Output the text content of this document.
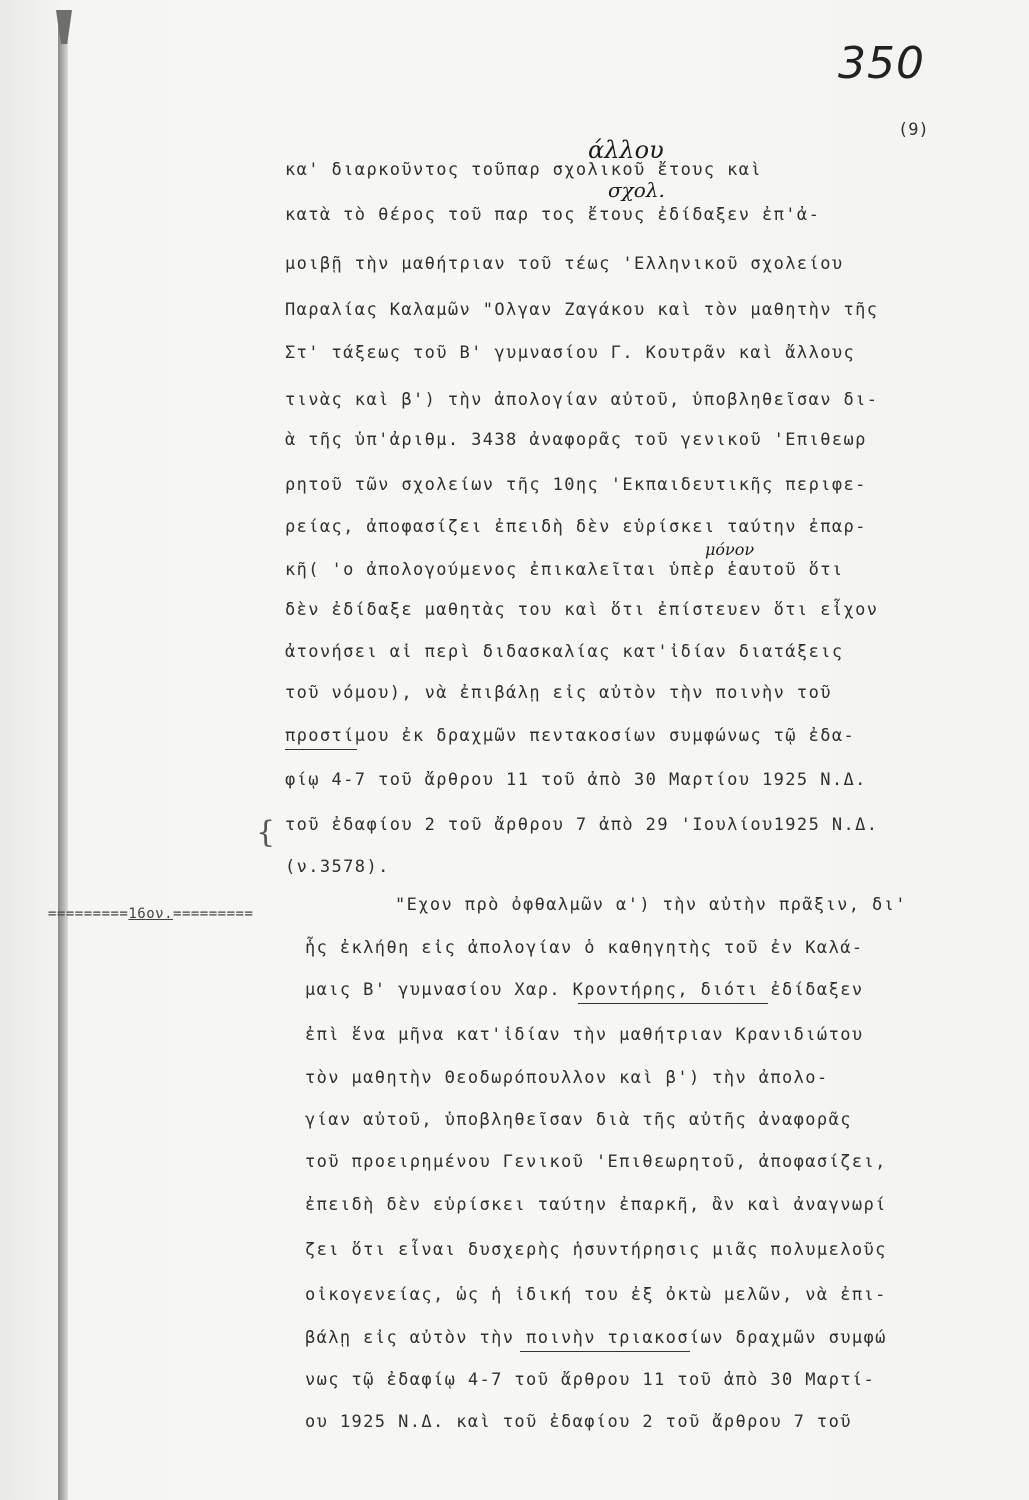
350
(9)
=========16ον.=========
{
κα' διαρκοῦντος τοῦπαρ σχολικοῦ ἔτους καὶ
κατὰ τὸ θέρος τοῦ παρ τος ἔτους ἐδίδαξεν ἐπ'ἀ-
μοιβῇ τὴν μαθήτριαν τοῦ τέως 'Ελληνικοῦ σχολείου
Παραλίας Καλαμῶν "Ολγαν Ζαγάκου καὶ τὸν μαθητὴν τῆς
Στ' τάξεως τοῦ Β' γυμνασίου Γ. Κουτρᾶν καὶ ἄλλους
τινὰς καὶ β') τὴν ἀπολογίαν αὐτοῦ, ὑποβληθεῖσαν δι-
ὰ τῆς ὑπ'ἀριθμ. 3438 ἀναφορᾶς τοῦ γενικοῦ 'Επιθεωρ
ρητοῦ τῶν σχολείων τῆς 10ης 'Εκπαιδευτικῆς περιφε-
ρείας, ἀποφασίζει ἐπειδὴ δὲν εὑρίσκει ταύτην ἐπαρ-
κῆ( 'ο ἀπολογούμενος ἐπικαλεῖται ὑπὲρ ἑαυτοῦ ὅτι
δὲν ἐδίδαξε μαθητὰς του καὶ ὅτι ἐπίστευεν ὅτι εἶχον
ἀτονήσει αἱ περὶ διδασκαλίας κατ'ἰδίαν διατάξεις
τοῦ νόμου), νὰ ἐπιβάλῃ εἰς αὐτὸν τὴν ποινὴν τοῦ
προστίμου ἐκ δραχμῶν πεντακοσίων συμφώνως τῷ ἐδα-
φίῳ 4-7 τοῦ ἄρθρου 11 τοῦ ἀπὸ 30 Μαρτίου 1925 Ν.Δ.
τοῦ ἐδαφίου 2 τοῦ ἄρθρου 7 ἀπὸ 29 'Ιουλίου1925 Ν.Δ.
(ν.3578).
"Εχον πρὸ ὀφθαλμῶν α') τὴν αὐτὴν πρᾶξιν, δι'
ἧς ἐκλήθη εἰς ἀπολογίαν ὁ καθηγητὴς τοῦ ἐν Καλά-
μαις Β' γυμνασίου Χαρ. Κροντήρης, διότι ἐδίδαξεν
ἐπὶ ἕνα μῆνα κατ'ἰδίαν τὴν μαθήτριαν Κρανιδιώτου
τὸν μαθητὴν Θεοδωρόπουλλον καὶ β') τὴν ἀπολο-
γίαν αὐτοῦ, ὑποβληθεῖσαν διὰ τῆς αὐτῆς ἀναφορᾶς
τοῦ προειρημένου Γενικοῦ 'Επιθεωρητοῦ, ἀποφασίζει,
ἐπειδὴ δὲν εὑρίσκει ταύτην ἐπαρκῆ, ἂν καὶ ἀναγνωρί
ζει ὅτι εἶναι δυσχερὴς ἡσυντήρησις μιᾶς πολυμελοῦς
οἰκογενείας, ὡς ἡ ἰδική του ἐξ ὀκτὼ μελῶν, νὰ ἐπι-
βάλῃ εἰς αὐτὸν τὴν ποινὴν τριακοσίων δραχμῶν συμφώ
νως τῷ ἐδαφίῳ 4-7 τοῦ ἄρθρου 11 τοῦ ἀπὸ 30 Μαρτί-
ου 1925 Ν.Δ. καὶ τοῦ ἐδαφίου 2 τοῦ ἄρθρου 7 τοῦ
άλλου
σχολ.
μόνον
